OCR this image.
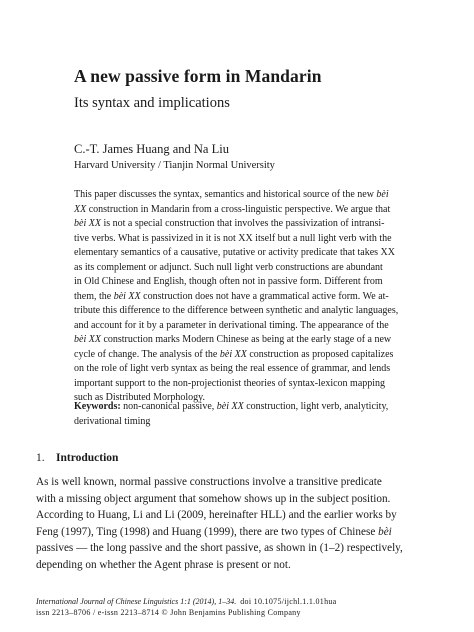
A new passive form in Mandarin
Its syntax and implications
C.-T. James Huang and Na Liu
Harvard University / Tianjin Normal University
This paper discusses the syntax, semantics and historical source of the new bèi
XX construction in Mandarin from a cross-linguistic perspective. We argue that
bèi XX is not a special construction that involves the passivization of intransi-
tive verbs. What is passivized in it is not XX itself but a null light verb with the
elementary semantics of a causative, putative or activity predicate that takes XX
as its complement or adjunct. Such null light verb constructions are abundant
in Old Chinese and English, though often not in passive form. Different from
them, the bèi XX construction does not have a grammatical active form. We at-
tribute this difference to the difference between synthetic and analytic languages,
and account for it by a parameter in derivational timing. The appearance of the
bèi XX construction marks Modern Chinese as being at the early stage of a new
cycle of change. The analysis of the bèi XX construction as proposed capitalizes
on the role of light verb syntax as being the real essence of grammar, and lends
important support to the non-projectionist theories of syntax-lexicon mapping
such as Distributed Morphology.
Keywords: non-canonical passive, bèi XX construction, light verb, analyticity,
derivational timing
1. Introduction
As is well known, normal passive constructions involve a transitive predicate
with a missing object argument that somehow shows up in the subject position.
According to Huang, Li and Li (2009, hereinafter HLL) and the earlier works by
Feng (1997), Ting (1998) and Huang (1999), there are two types of Chinese bèi
passives — the long passive and the short passive, as shown in (1–2) respectively,
depending on whether the Agent phrase is present or not.
International Journal of Chinese Linguistics 1:1 (2014), 1–34. doi 10.1075/ijchl.1.1.01hua
issn 2213–8706 / e-issn 2213–8714 © John Benjamins Publishing Company
